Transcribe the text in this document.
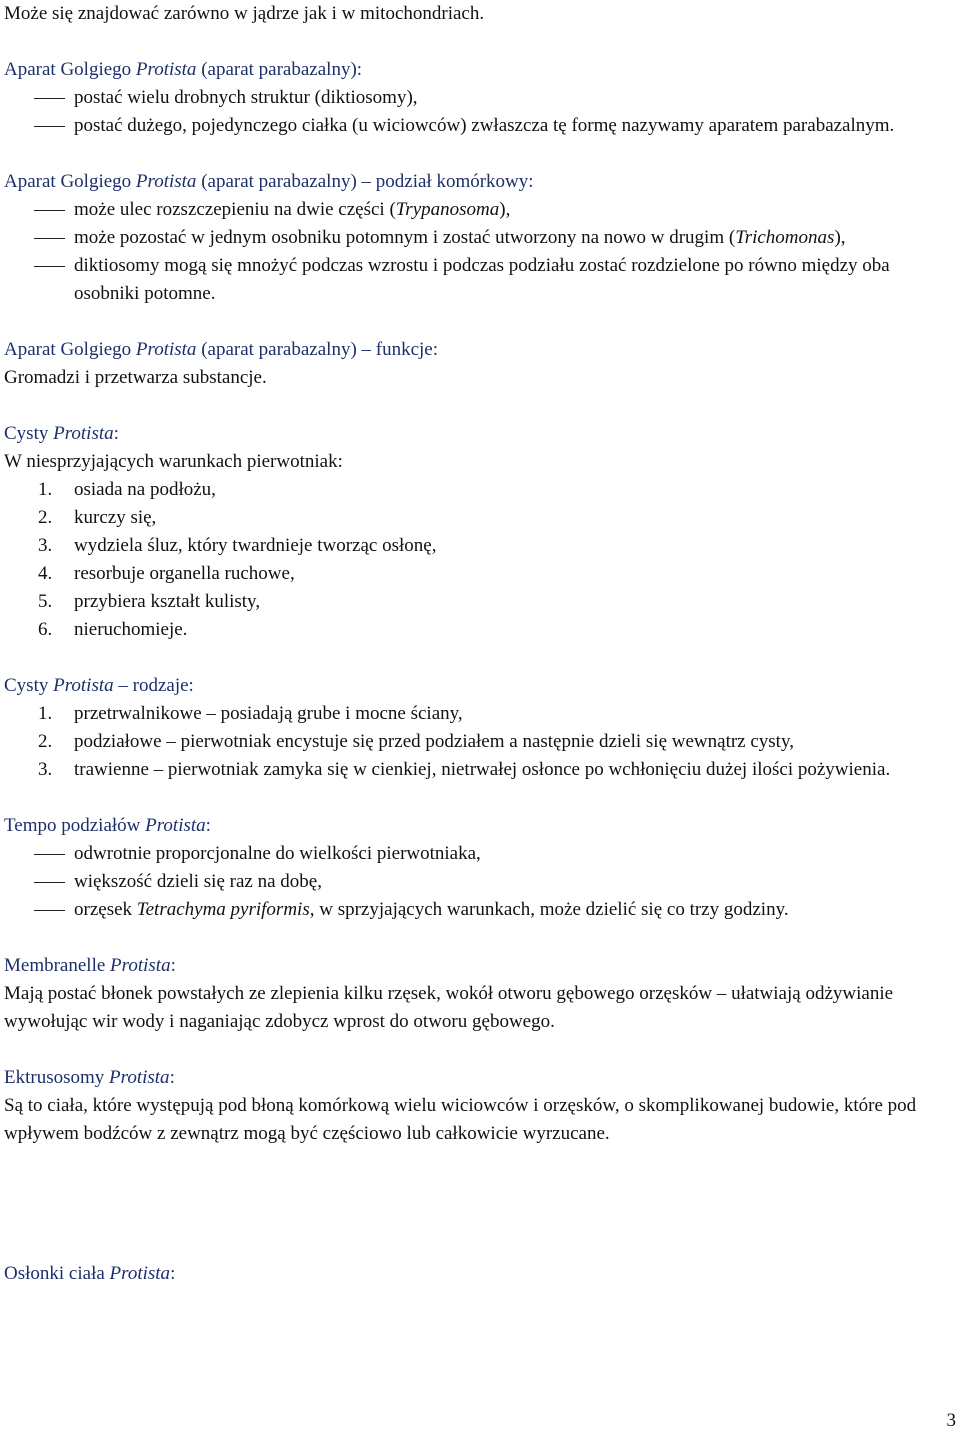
Może się znajdować zarówno w jądrze jak i w mitochondriach.

Aparat Golgiego Protista (aparat parabazalny):

postać wielu drobnych struktur (diktiosomy),
postać dużego, pojedynczego ciałka (u wiciowców) zwłaszcza tę formę nazywamy aparatem parabazalnym.

Aparat Golgiego Protista (aparat parabazalny) – podział komórkowy:

może ulec rozszczepieniu na dwie części (Trypanosoma),
może pozostać w jednym osobniku potomnym i zostać utworzony na nowo w drugim (Trichomonas),
diktiosomy mogą się mnożyć podczas wzrostu i podczas podziału zostać rozdzielone po równo między oba osobniki potomne.

Aparat Golgiego Protista (aparat parabazalny) – funkcje:

Gromadzi i przetwarza substancje.

Cysty Protista:

W niesprzyjających warunkach pierwotniak:

1. osiada na podłożu,
2. kurczy się,
3. wydziela śluz, który twardnieje tworząc osłonę,
4. resorbuje organella ruchowe,
5. przybiera kształt kulisty,
6. nieruchomieje.

Cysty Protista – rodzaje:

1. przetrwalnikowe – posiadają grube i mocne ściany,
2. podziałowe – pierwotniak encystuje się przed podziałem a następnie dzieli się wewnątrz cysty,
3. trawienne – pierwotniak zamyka się w cienkiej, nietrwałej osłonce po wchłonięciu dużej ilości pożywienia.

Tempo podziałów Protista:

odwrotnie proporcjonalne do wielkości pierwotniaka,
większość dzieli się raz na dobę,
orzęsek Tetrachyma pyriformis, w sprzyjających warunkach, może dzielić się co trzy godziny.

Membranelle Protista:

Mają postać błonek powstałych ze zlepienia kilku rzęsek, wokół otworu gębowego orzęsków – ułatwiają odżywianie wywołując wir wody i naganiając zdobycz wprost do otworu gębowego.

Ektrusosomy Protista:

Są to ciała, które występują pod błoną komórkową wielu wiciowców i orzęsków, o skomplikowanej budowie, które pod wpływem bodźców z zewnątrz mogą być częściowo lub całkowicie wyrzucane.

Osłonki ciała Protista:

3
